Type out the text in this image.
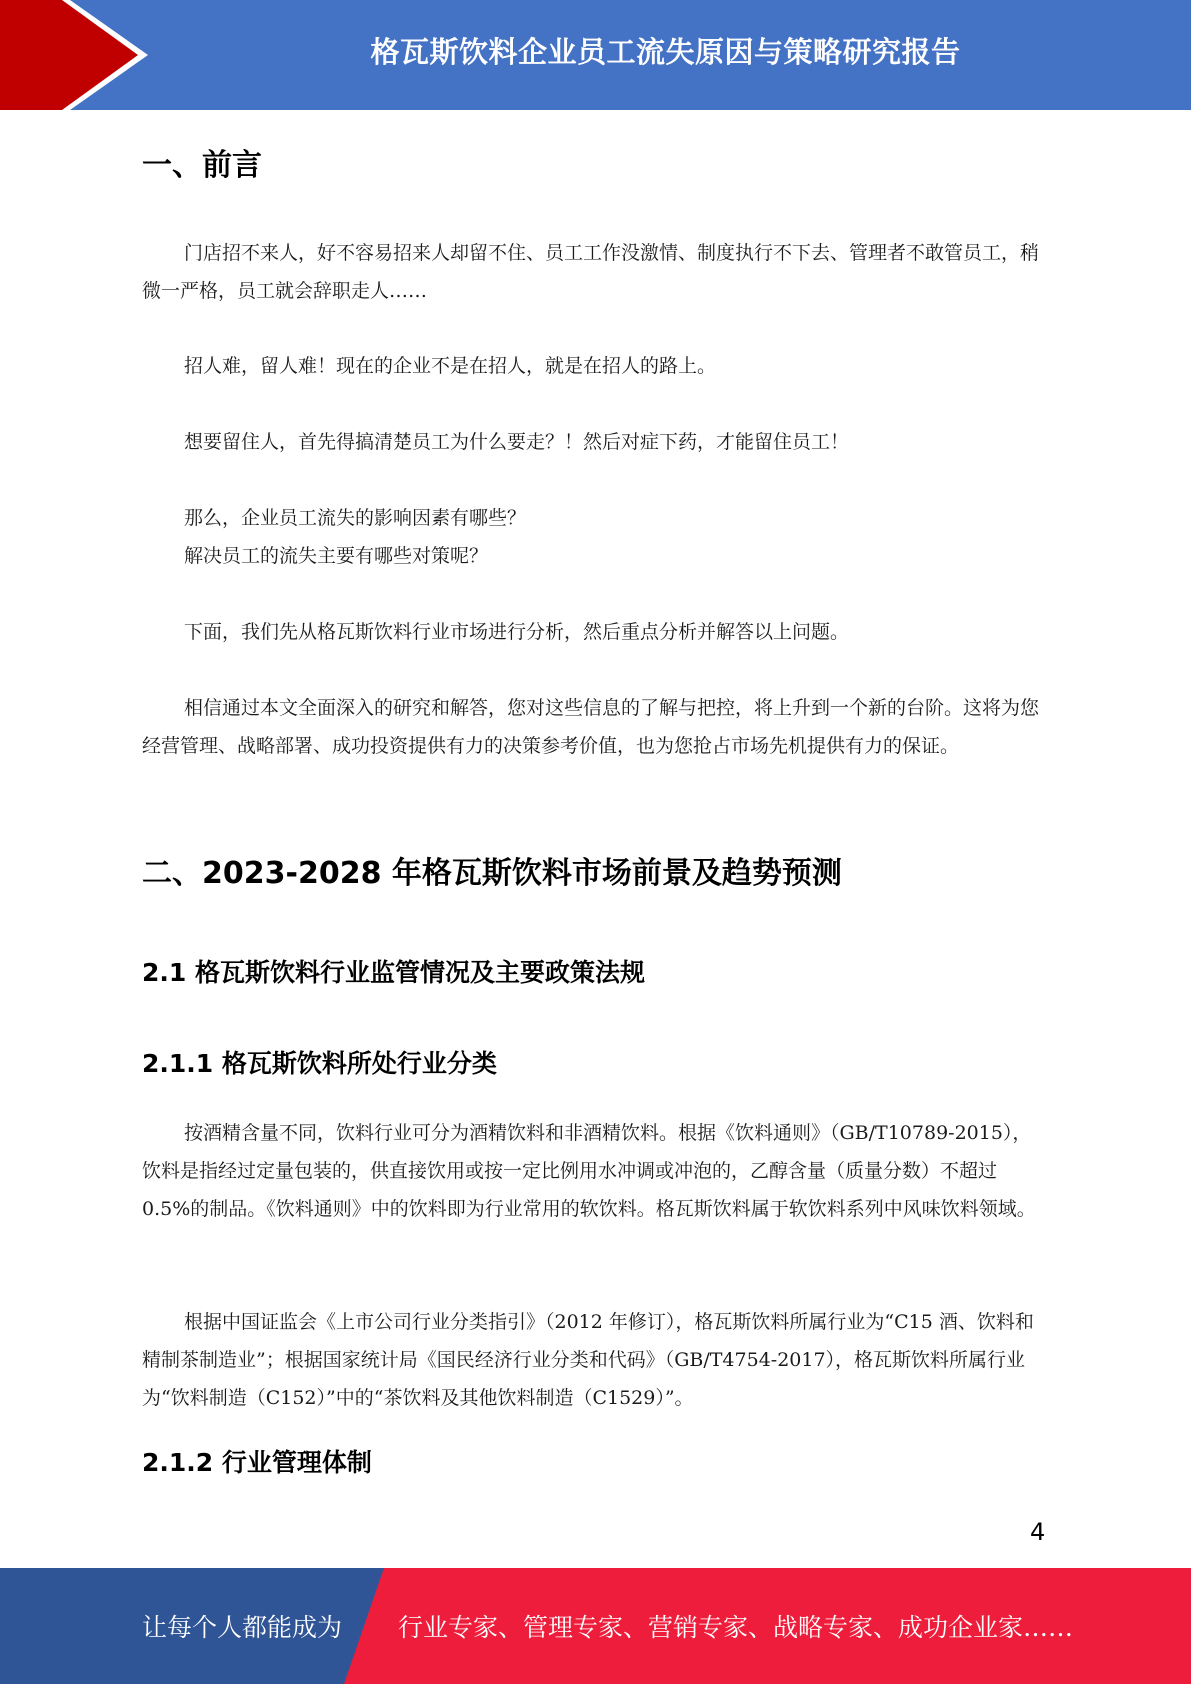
格瓦斯饮料企业员工流失原因与策略研究报告
一、前言

门店招不来人，好不容易招来人却留不住、员工工作没激情、制度执行不下去、管理者不敢管员工，稍微一严格，员工就会辞职走人……

招人难，留人难！现在的企业不是在招人，就是在招人的路上。

想要留住人，首先得搞清楚员工为什么要走？！然后对症下药，才能留住员工！

那么，企业员工流失的影响因素有哪些？

解决员工的流失主要有哪些对策呢？

下面，我们先从格瓦斯饮料行业市场进行分析，然后重点分析并解答以上问题。

相信通过本文全面深入的研究和解答，您对这些信息的了解与把控，将上升到一个新的台阶。这将为您经营管理、战略部署、成功投资提供有力的决策参考价值，也为您抢占市场先机提供有力的保证。

二、2023-2028 年格瓦斯饮料市场前景及趋势预测
2.1 格瓦斯饮料行业监管情况及主要政策法规
2.1.1 格瓦斯饮料所处行业分类

按酒精含量不同，饮料行业可分为酒精饮料和非酒精饮料。根据《饮料通则》（GB/T10789-2015），饮料是指经过定量包装的，供直接饮用或按一定比例用水冲调或冲泡的，乙醇含量（质量分数）不超过 0.5%的制品。《饮料通则》中的饮料即为行业常用的软饮料。格瓦斯饮料属于软饮料系列中风味饮料领域。

根据中国证监会《上市公司行业分类指引》（2012 年修订），格瓦斯饮料所属行业为“C15 酒、饮料和精制茶制造业”；根据国家统计局《国民经济行业分类和代码》（GB/T4754-2017），格瓦斯饮料所属行业为“饮料制造（C152）”中的“茶饮料及其他饮料制造（C1529）”。

2.1.2 行业管理体制
4
让每个人都能成为 行业专家、管理专家、营销专家、战略专家、成功企业家……
